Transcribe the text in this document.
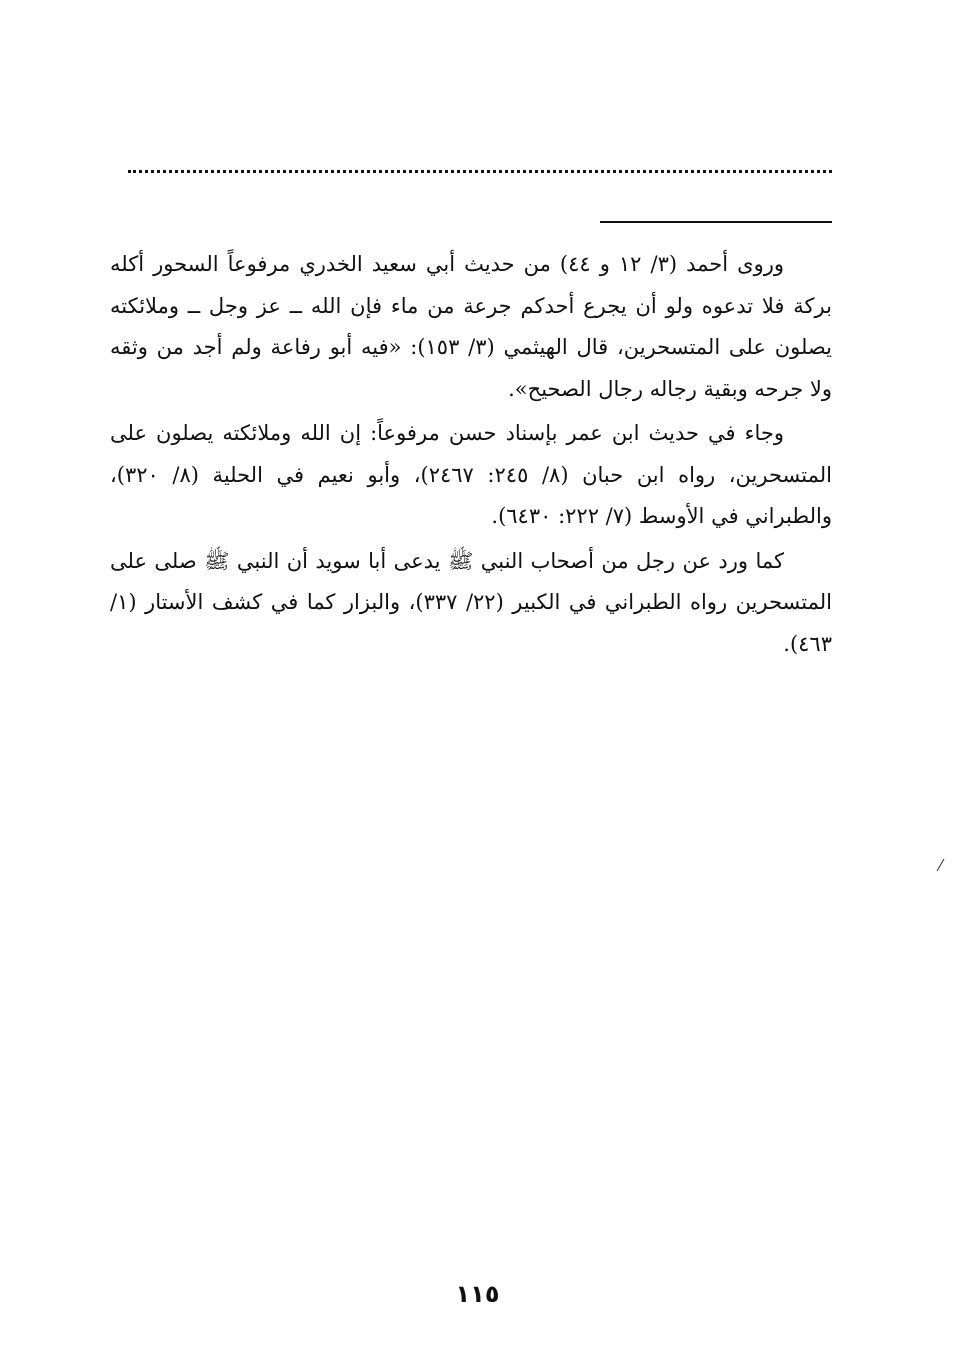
وروى أحمد (٣/ ١٢ و ٤٤) من حديث أبي سعيد الخدري مرفوعاً السحور أكله بركة فلا تدعوه ولو أن يجرع أحدكم جرعة من ماء فإن الله ــ عز وجل ــ وملائكته يصلون على المتسحرين، قال الهيثمي (٣/ ١٥٣): «فيه أبو رفاعة ولم أجد من وثقه ولا جرحه وبقية رجاله رجال الصحيح».

وجاء في حديث ابن عمر بإسناد حسن مرفوعاً: إن الله وملائكته يصلون على المتسحرين، رواه ابن حبان (٨/ ٢٤٥: ٢٤٦٧)، وأبو نعيم في الحلية (٨/ ٣٢٠)، والطبراني في الأوسط (٧/ ٢٢٢: ٦٤٣٠).

كما ورد عن رجل من أصحاب النبي ﷺ يدعى أبا سويد أن النبي ﷺ صلى على المتسحرين رواه الطبراني في الكبير (٢٢/ ٣٣٧)، والبزار كما في كشف الأستار (١/ ٤٦٣).

١١٥
